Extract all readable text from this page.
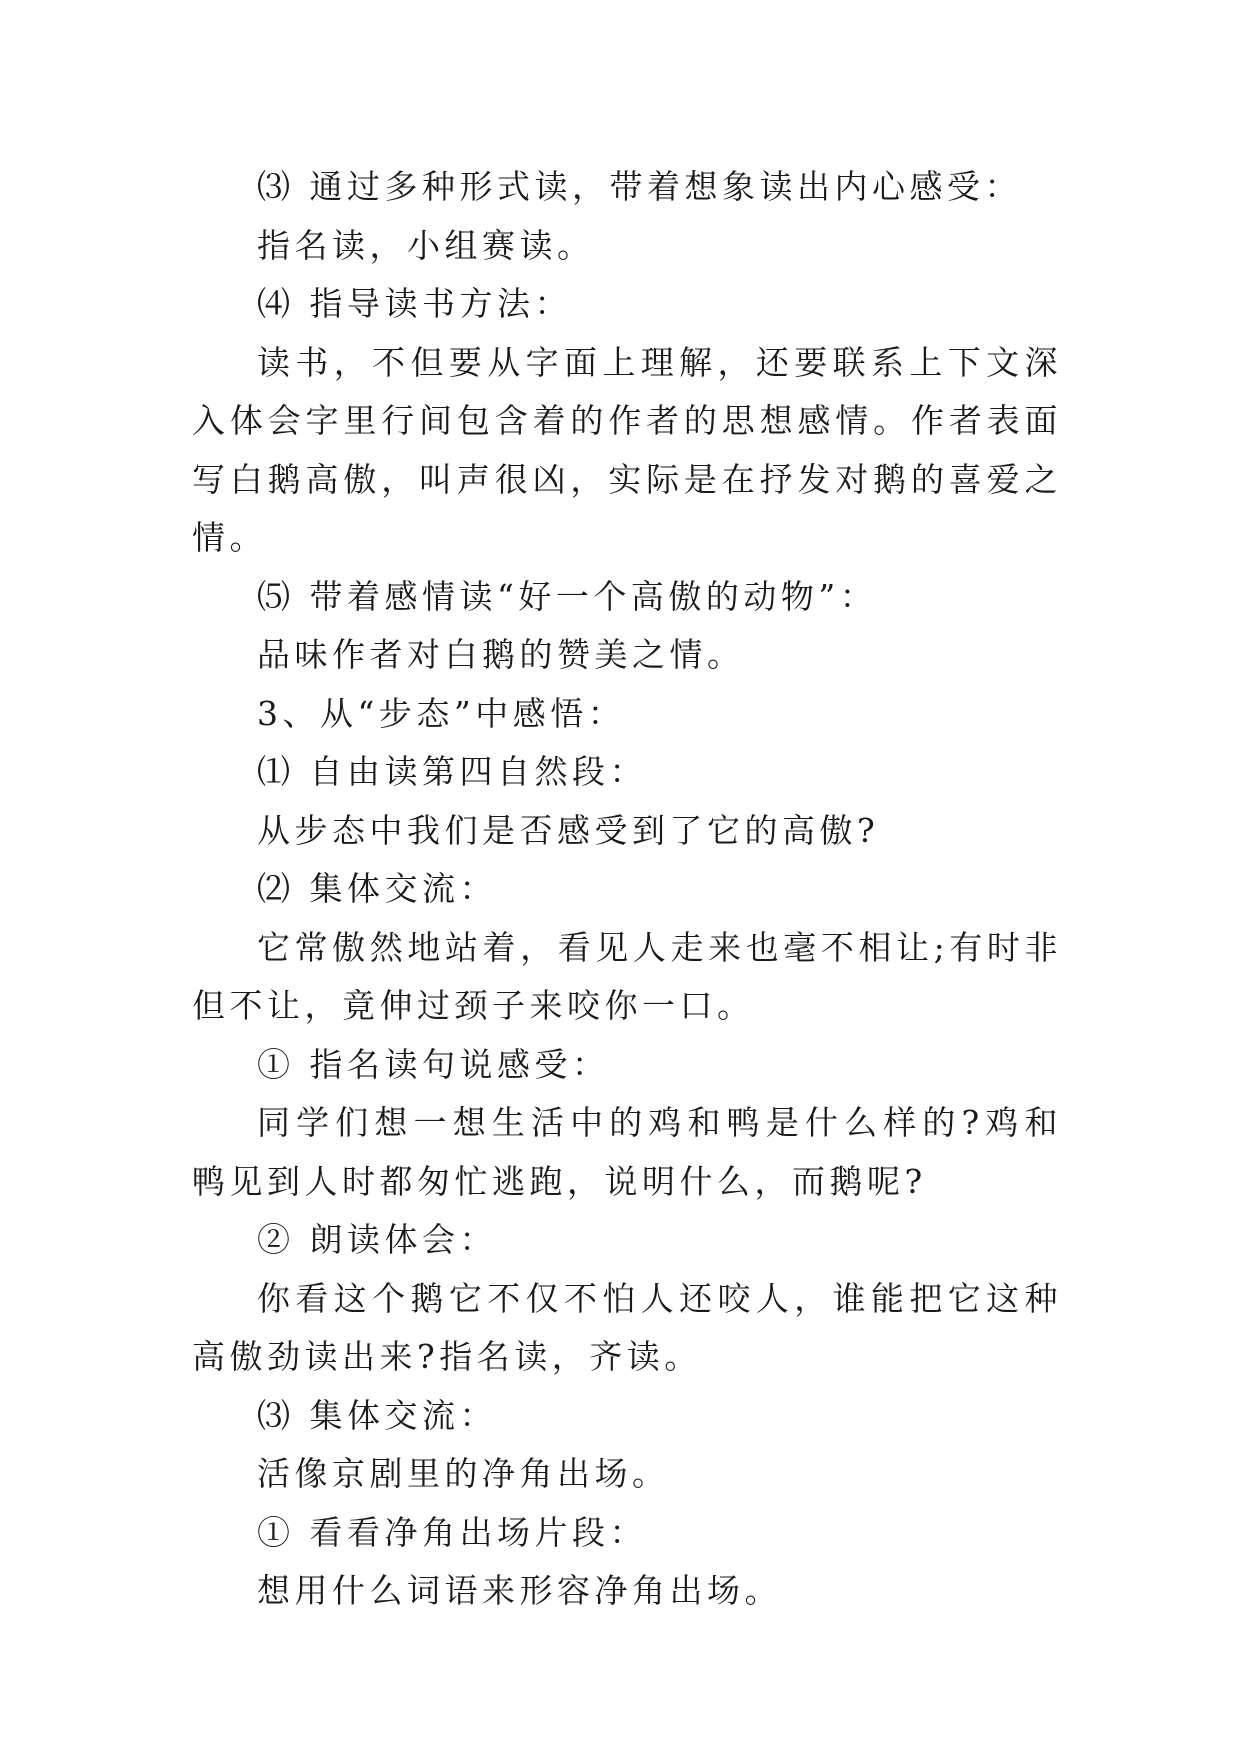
⑶ 通过多种形式读，带着想象读出内心感受：

指名读，小组赛读。

⑷ 指导读书方法：

读书，不但要从字面上理解，还要联系上下文深入体会字里行间包含着的作者的思想感情。作者表面写白鹅高傲，叫声很凶，实际是在抒发对鹅的喜爱之情。

⑸ 带着感情读“好一个高傲的动物”：

品味作者对白鹅的赞美之情。

3、从“步态”中感悟：

⑴ 自由读第四自然段：

从步态中我们是否感受到了它的高傲?

⑵ 集体交流：

它常傲然地站着，看见人走来也毫不相让;有时非但不让，竟伸过颈子来咬你一口。

① 指名读句说感受：

同学们想一想生活中的鸡和鸭是什么样的?鸡和鸭见到人时都匆忙逃跑，说明什么，而鹅呢?

② 朗读体会：

你看这个鹅它不仅不怕人还咬人，谁能把它这种高傲劲读出来?指名读，齐读。

⑶ 集体交流：

活像京剧里的净角出场。

① 看看净角出场片段：

想用什么词语来形容净角出场。
